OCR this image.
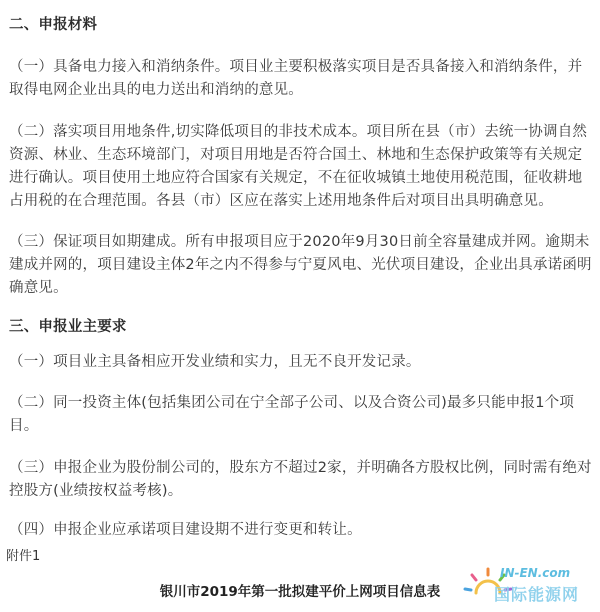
二、申报材料
（一）具备电力接入和消纳条件。项目业主要积极落实项目是否具备接入和消纳条件，并
取得电网企业出具的电力送出和消纳的意见。
（二）落实项目用地条件,切实降低项目的非技术成本。项目所在县（市）去统一协调自然
资源、林业、生态环境部门，对项目用地是否符合国土、林地和生态保护政策等有关规定
进行确认。项目使用土地应符合国家有关规定，不在征收城镇土地使用税范围，征收耕地
占用税的在合理范围。各县（市）区应在落实上述用地条件后对项目出具明确意见。
（三）保证项目如期建成。所有申报项目应于2020年9月30日前全容量建成并网。逾期未
建成并网的，项目建设主体2年之内不得参与宁夏风电、光伏项目建设，企业出具承诺函明
确意见。
三、申报业主要求
（一）项目业主具备相应开发业绩和实力，且无不良开发记录。
（二）同一投资主体(包括集团公司在宁全部子公司、以及合资公司)最多只能申报1个项
目。
（三）申报企业为股份制公司的，股东方不超过2家，并明确各方股权比例，同时需有绝对
控股方(业绩按权益考核)。
（四）申报企业应承诺项目建设期不进行变更和转让。
附件1
银川市2019年第一批拟建平价上网项目信息表
IN-EN.com
国际能源网
